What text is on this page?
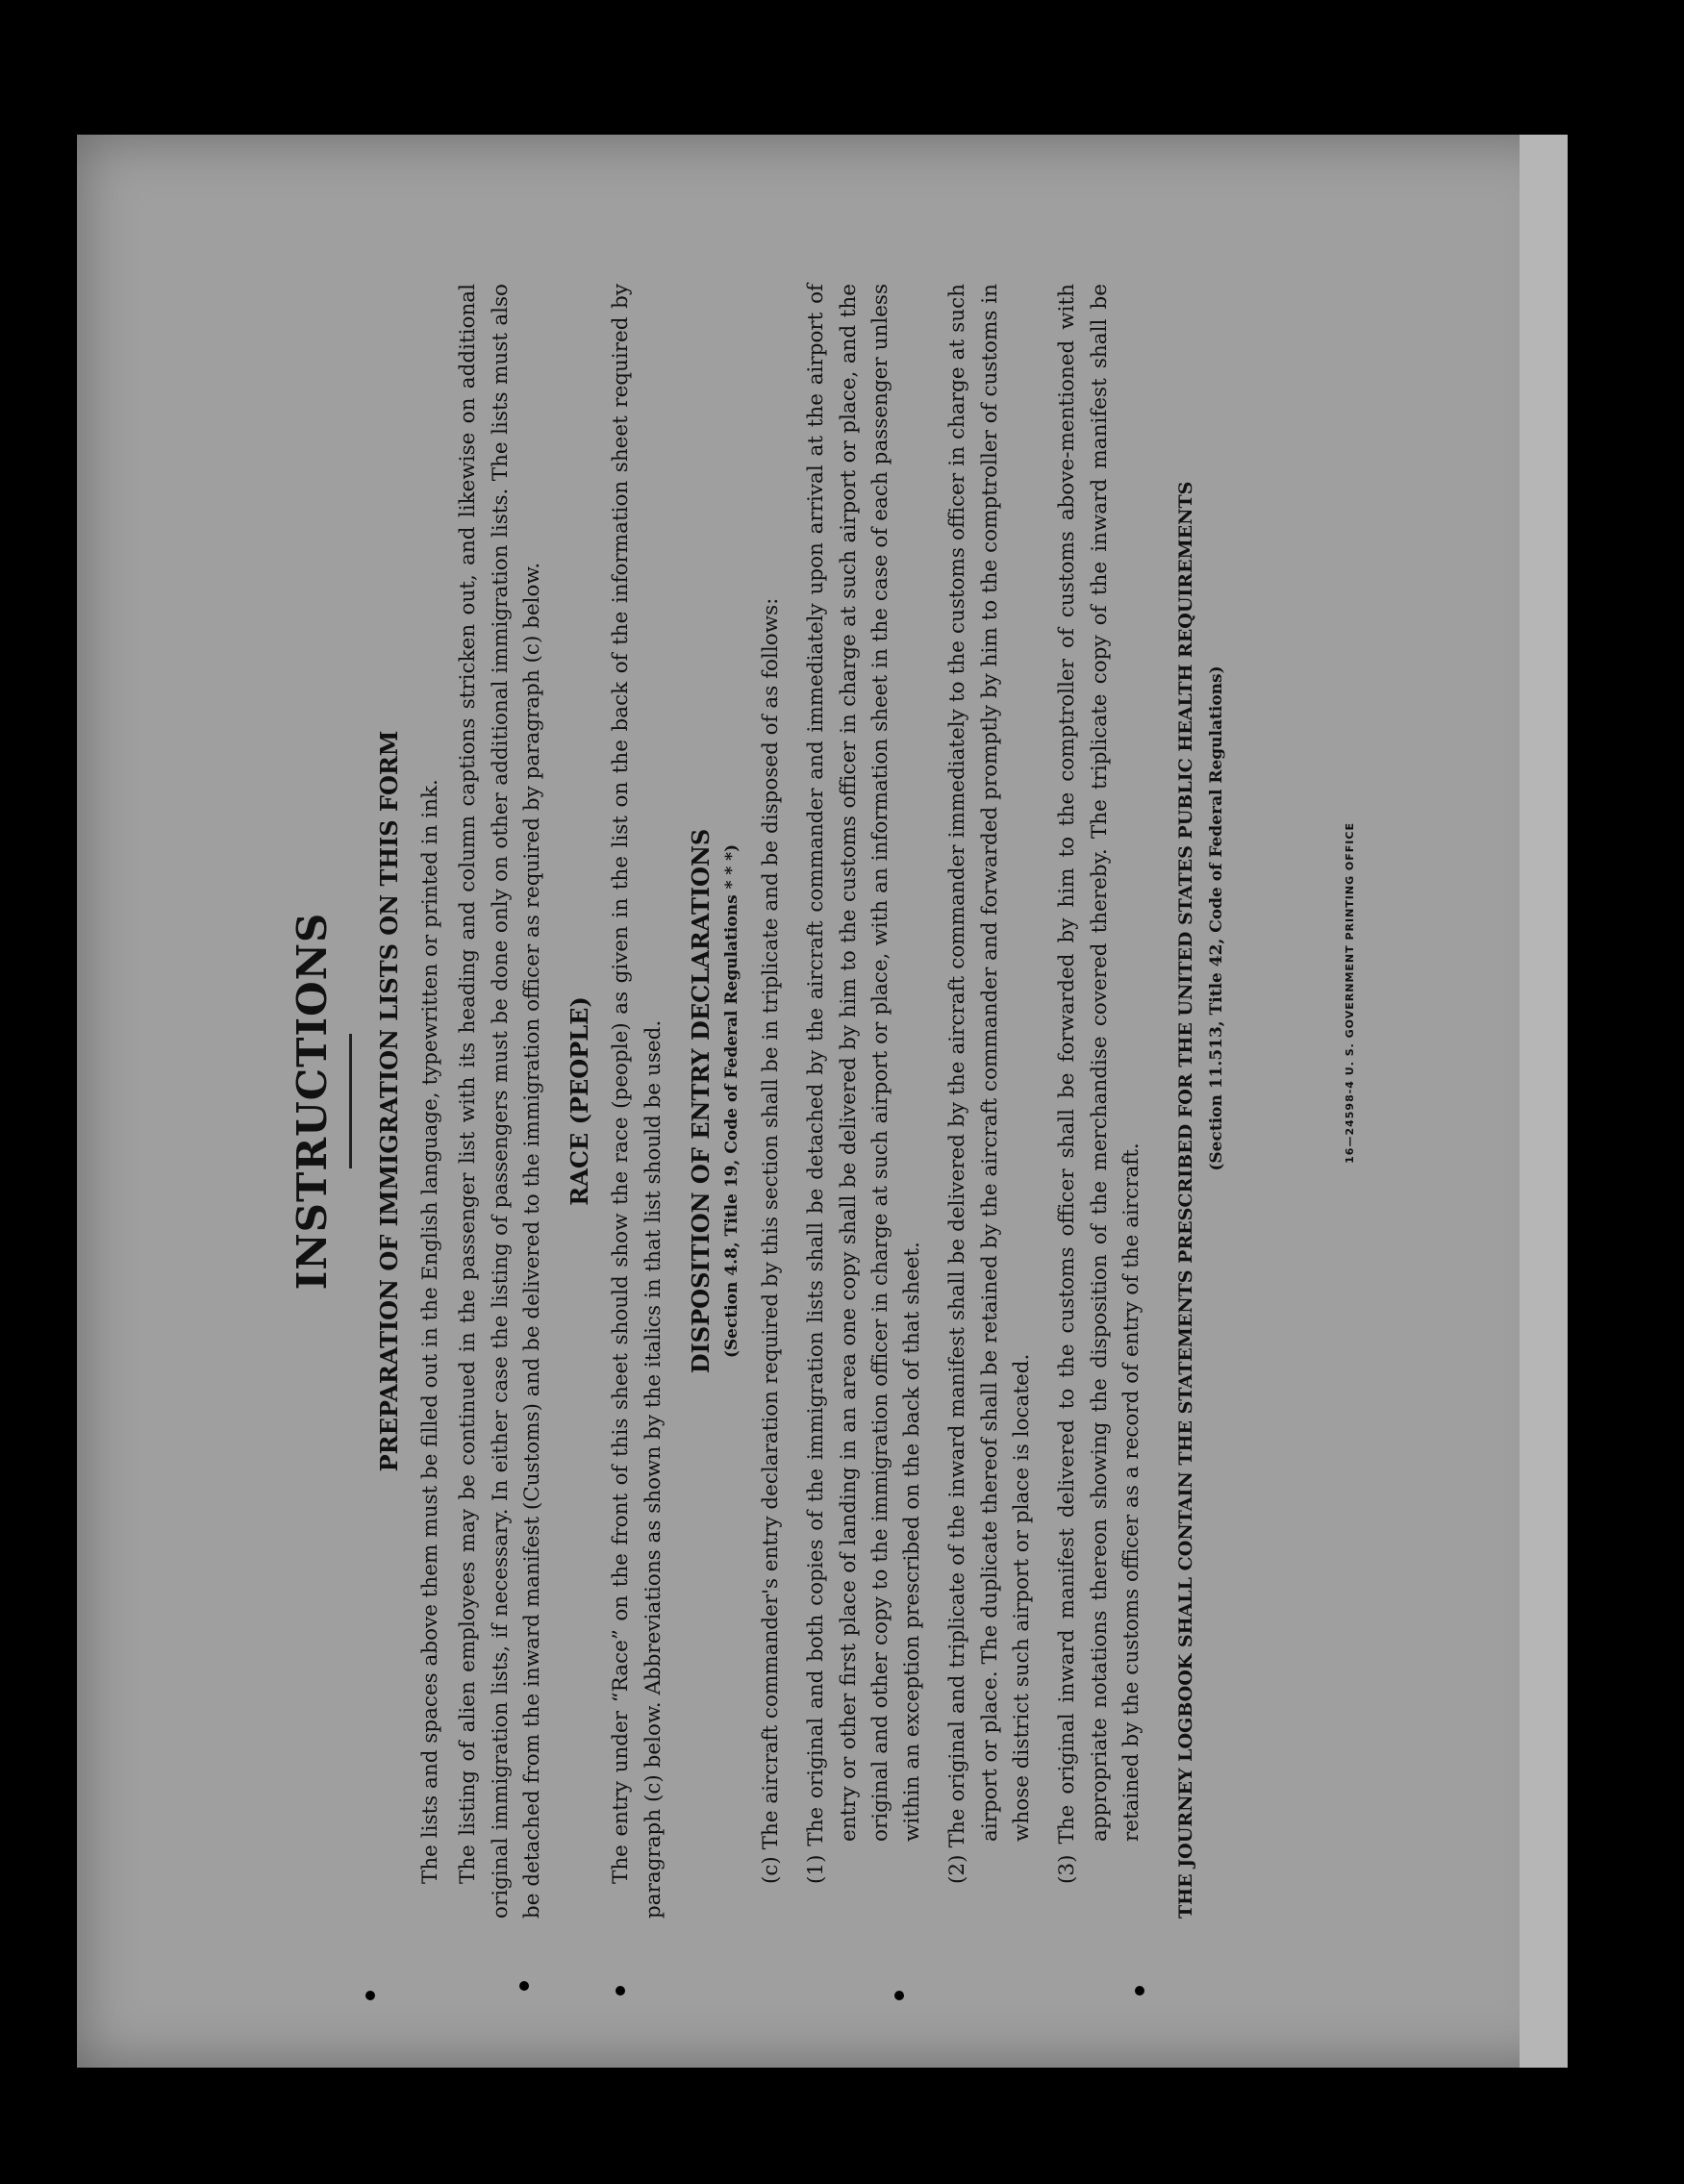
INSTRUCTIONS PREPARATION OF IMMIGRATION LISTS ON THIS FORM The lists and spaces above them must be filled out in the English language, typewritten or printed in ink. The listing of alien employees may be continued in the passenger list with its heading and column captions stricken out, and likewise on additional original immigration lists, if necessary. In either case the listing of passengers must be done only on other additional immigration lists. The lists must also be detached from the inward manifest (Customs) and be delivered to the immigration officer as required by paragraph (c) below. RACE (PEOPLE) The entry under “Race” on the front of this sheet should show the race (people) as given in the list on the back of the information sheet required by paragraph (c) below. Abbreviations as shown by the italics in that list should be used. DISPOSITION OF ENTRY DECLARATIONS (Section 4.8, Title 19, Code of Federal Regulations * * *) (c) The aircraft commander's entry declaration required by this section shall be in triplicate and be disposed of as follows: (1) The original and both copies of the immigration lists shall be detached by the aircraft commander and immediately upon arrival at the airport of entry or other first place of landing in an area one copy shall be delivered by him to the customs officer in charge at such airport or place, and the original and other copy to the immigration officer in charge at such airport or place, with an information sheet in the case of each passenger unless within an exception prescribed on the back of that sheet. (2) The original and triplicate of the inward manifest shall be delivered by the aircraft commander immediately to the customs officer in charge at such airport or place. The duplicate thereof shall be retained by the aircraft commander and forwarded promptly by him to the comptroller of customs in whose district such airport or place is located. (3) The original inward manifest delivered to the customs officer shall be forwarded by him to the comptroller of customs above-mentioned with appropriate notations thereon showing the disposition of the merchandise covered thereby. The triplicate copy of the inward manifest shall be retained by the customs officer as a record of entry of the aircraft. THE JOURNEY LOGBOOK SHALL CONTAIN THE STATEMENTS PRESCRIBED FOR THE UNITED STATES PUBLIC HEALTH REQUIREMENTS (Section 11.513, Title 42, Code of Federal Regulations)	16—24598-4 U. S. GOVERNMENT PRINTING OFFICE
